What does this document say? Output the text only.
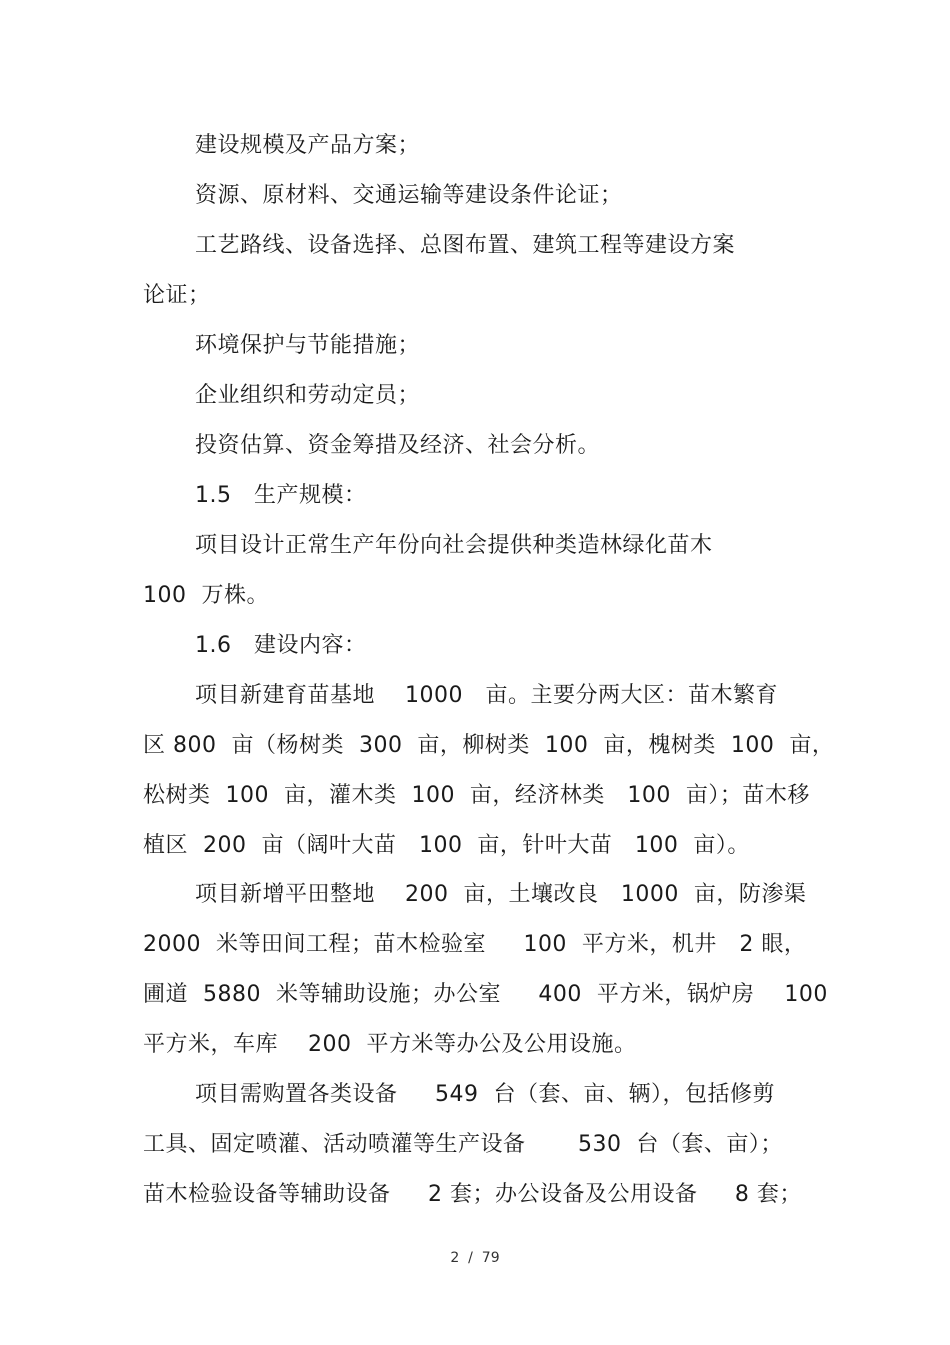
建设规模及产品方案；
资源、原材料、交通运输等建设条件论证；
工艺路线、设备选择、总图布置、建筑工程等建设方案
论证；
环境保护与节能措施；
企业组织和劳动定员；
投资估算、资金筹措及经济、社会分析。
1.5   生产规模：
项目设计正常生产年份向社会提供种类造林绿化苗木
100  万株。
1.6   建设内容：
项目新建育苗基地    1000   亩。主要分两大区：苗木繁育
区 800  亩（杨树类  300  亩，柳树类  100  亩，槐树类  100  亩，
松树类  100  亩，灌木类  100  亩，经济林类   100  亩）；苗木移
植区  200  亩（阔叶大苗   100  亩，针叶大苗   100  亩）。
项目新增平田整地    200  亩，土壤改良   1000  亩，防渗渠
2000  米等田间工程；苗木检验室     100  平方米，机井   2 眼，
圃道  5880  米等辅助设施；办公室     400  平方米，锅炉房    100
平方米，车库    200  平方米等办公及公用设施。
项目需购置各类设备     549  台（套、亩、辆），包括修剪
工具、固定喷灌、活动喷灌等生产设备       530  台（套、亩）；
苗木检验设备等辅助设备     2 套；办公设备及公用设备     8 套；
2  /  79
